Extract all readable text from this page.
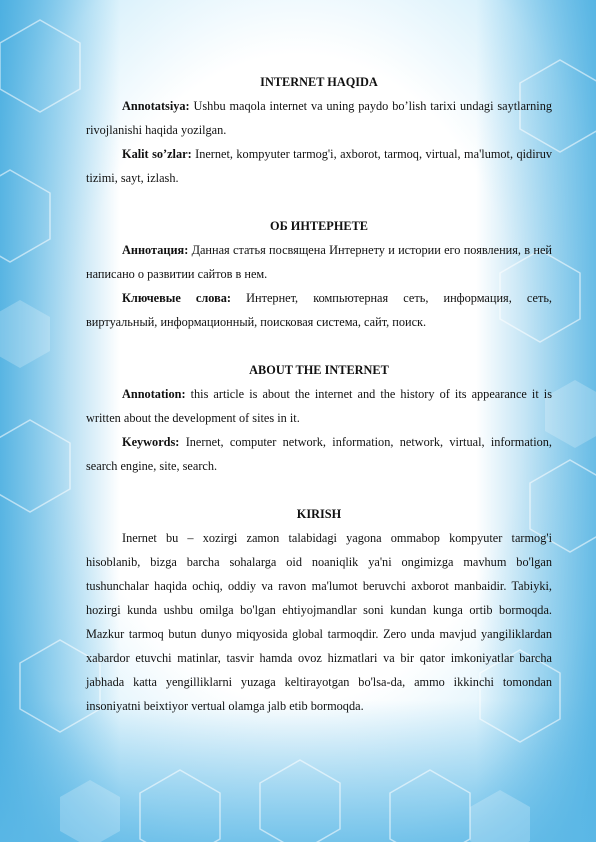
INTERNET HAQIDA

Annotatsiya: Ushbu maqola internet va uning paydo bo’lish tarixi undagi saytlarning rivojlanishi haqida yozilgan.

Kalit so’zlar: Inernet, kompyuter tarmog'i, axborot, tarmoq, virtual, ma'lumot, qidiruv tizimi, sayt, izlash.

ОБ ИНТЕРНЕТЕ

Аннотация: Данная статья посвящена Интернету и истории его появления, в ней написано о развитии сайтов в нем.

Ключевые слова: Интернет, компьютерная сеть, информация, сеть, виртуальный, информационный, поисковая система, сайт, поиск.

ABOUT THE INTERNET

Annotation: this article is about the internet and the history of its appearance it is written about the development of sites in it.

Keywords: Inernet, computer network, information, network, virtual, information, search engine, site, search.

KIRISH

Inernet bu – xozirgi zamon talabidagi yagona ommabop kompyuter tarmog'i hisoblanib, bizga barcha sohalarga oid noaniqlik ya'ni ongimizga mavhum bo'lgan tushunchalar haqida ochiq, oddiy va ravon ma'lumot beruvchi axborot manbaidir. Tabiyki, hozirgi kunda ushbu omilga bo'lgan ehtiyojmandlar soni kundan kunga ortib bormoqda. Mazkur tarmoq butun dunyo miqyosida global tarmoqdir. Zero unda mavjud yangiliklardan xabardor etuvchi matinlar, tasvir hamda ovoz hizmatlari va bir qator imkoniyatlar barcha jabhada katta yengilliklarni yuzaga keltirayotgan bo'lsa-da, ammo ikkinchi tomondan insoniyatni beixtiyor vertual olamga jalb etib bormoqda.
